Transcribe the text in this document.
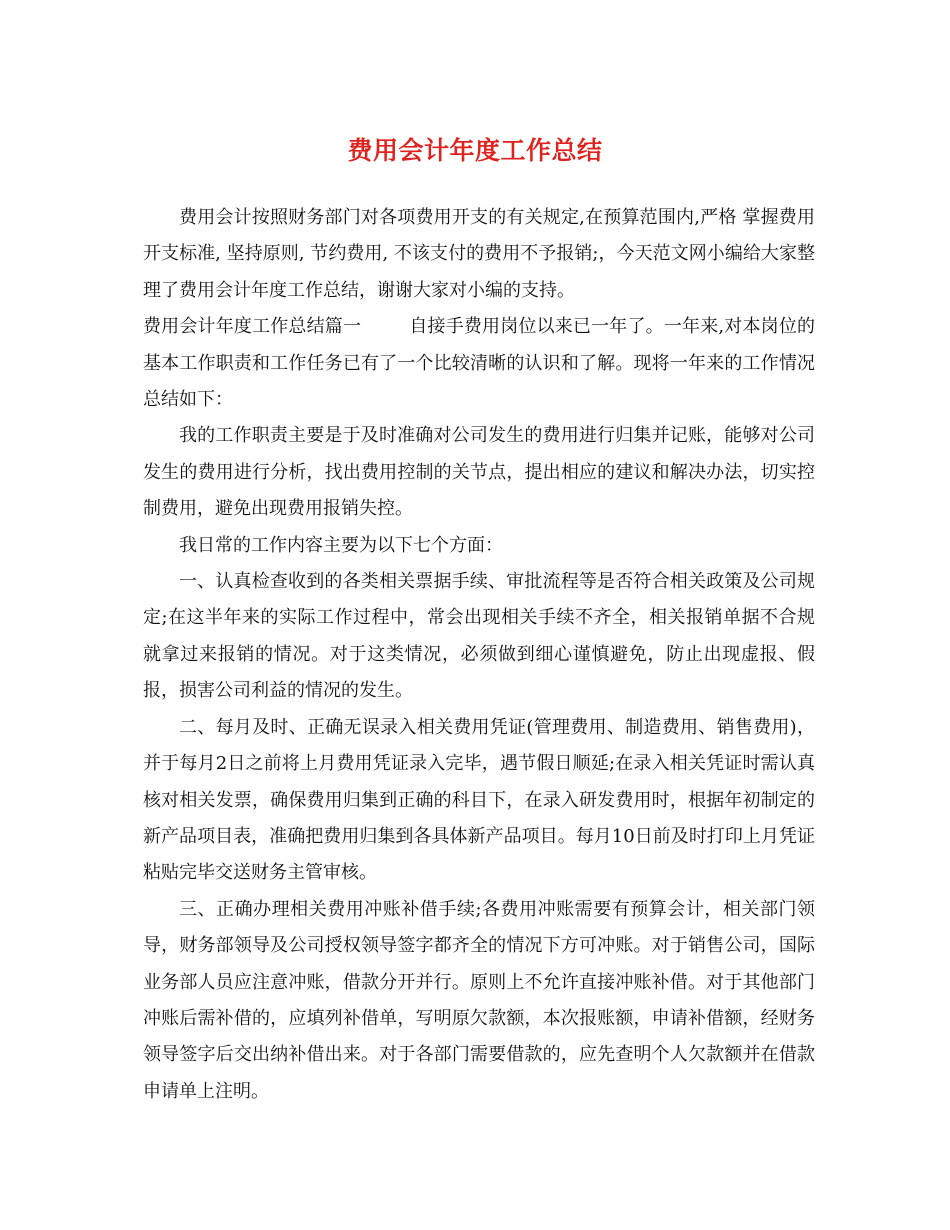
费用会计年度工作总结

费用会计按照财务部门对各项费用开支的有关规定,在预算范围内,严格 掌握费用开支标准, 坚持原则, 节约费用, 不该支付的费用不予报销;，今天范文网小编给大家整理了费用会计年度工作总结，谢谢大家对小编的支持。

费用会计年度工作总结篇一	自接手费用岗位以来已一年了。一年来,对本岗位的基本工作职责和工作任务已有了一个比较清晰的认识和了解。现将一年来的工作情况总结如下：

我的工作职责主要是于及时准确对公司发生的费用进行归集并记账，能够对公司发生的费用进行分析，找出费用控制的关节点，提出相应的建议和解决办法，切实控制费用，避免出现费用报销失控。

我日常的工作内容主要为以下七个方面：

一、认真检查收到的各类相关票据手续、审批流程等是否符合相关政策及公司规定;在这半年来的实际工作过程中，常会出现相关手续不齐全，相关报销单据不合规就拿过来报销的情况。对于这类情况，必须做到细心谨慎避免，防止出现虚报、假报，损害公司利益的情况的发生。

二、每月及时、正确无误录入相关费用凭证(管理费用、制造费用、销售费用)，并于每月2日之前将上月费用凭证录入完毕，遇节假日顺延;在录入相关凭证时需认真核对相关发票，确保费用归集到正确的科目下，在录入研发费用时，根据年初制定的新产品项目表，准确把费用归集到各具体新产品项目。每月10日前及时打印上月凭证粘贴完毕交送财务主管审核。

三、正确办理相关费用冲账补借手续;各费用冲账需要有预算会计，相关部门领导，财务部领导及公司授权领导签字都齐全的情况下方可冲账。对于销售公司，国际业务部人员应注意冲账，借款分开并行。原则上不允许直接冲账补借。对于其他部门冲账后需补借的，应填列补借单，写明原欠款额，本次报账额，申请补借额，经财务领导签字后交出纳补借出来。对于各部门需要借款的，应先查明个人欠款额并在借款申请单上注明。
